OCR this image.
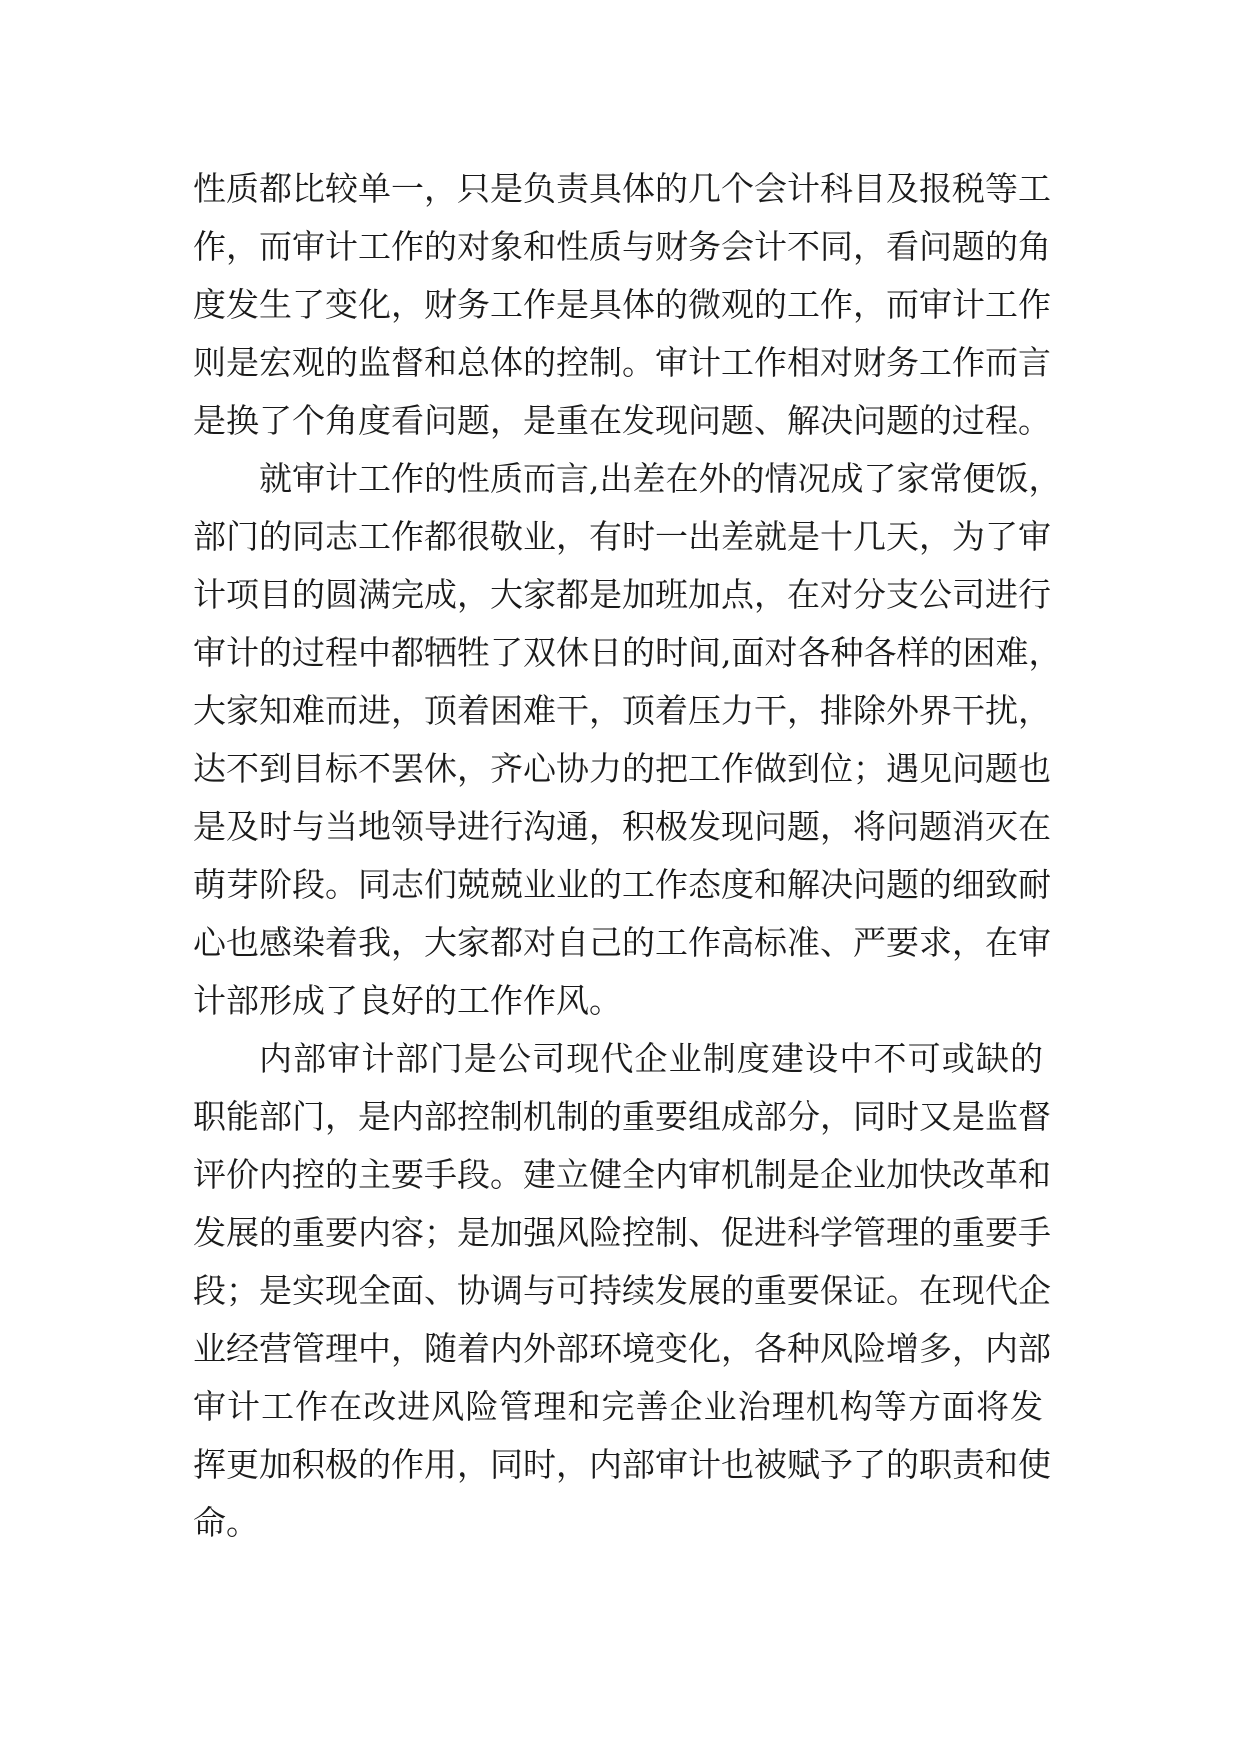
性质都比较单一，只是负责具体的几个会计科目及报税等工
作，而审计工作的对象和性质与财务会计不同，看问题的角
度发生了变化，财务工作是具体的微观的工作，而审计工作
则是宏观的监督和总体的控制。审计工作相对财务工作而言
是换了个角度看问题，是重在发现问题、解决问题的过程。
就审计工作的性质而言,出差在外的情况成了家常便饭，
部门的同志工作都很敬业，有时一出差就是十几天，为了审
计项目的圆满完成，大家都是加班加点，在对分支公司进行
审计的过程中都牺牲了双休日的时间,面对各种各样的困难，
大家知难而进，顶着困难干，顶着压力干，排除外界干扰，
达不到目标不罢休，齐心协力的把工作做到位；遇见问题也
是及时与当地领导进行沟通，积极发现问题，将问题消灭在
萌芽阶段。同志们兢兢业业的工作态度和解决问题的细致耐
心也感染着我，大家都对自己的工作高标准、严要求，在审
计部形成了良好的工作作风。
内部审计部门是公司现代企业制度建设中不可或缺的
职能部门，是内部控制机制的重要组成部分，同时又是监督
评价内控的主要手段。建立健全内审机制是企业加快改革和
发展的重要内容；是加强风险控制、促进科学管理的重要手
段；是实现全面、协调与可持续发展的重要保证。在现代企
业经营管理中，随着内外部环境变化，各种风险增多，内部
审计工作在改进风险管理和完善企业治理机构等方面将发
挥更加积极的作用，同时，内部审计也被赋予了的职责和使
命。
